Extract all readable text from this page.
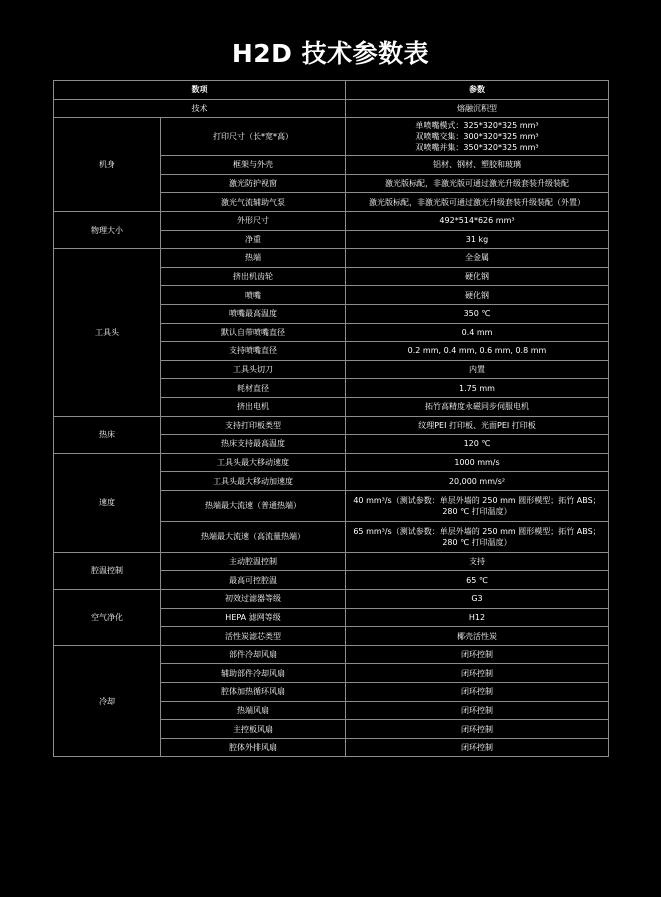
H2D 技术参数表
数项		参数
技术		熔融沉积型
机身	打印尺寸（长*宽*高）	单喷嘴模式：325*320*325 mm³
双喷嘴交集：300*320*325 mm³
双喷嘴并集：350*320*325 mm³

	框架与外壳	铝材、钢材、塑胶和玻璃
	激光防护视窗	激光版标配，非激光版可通过激光升级套装升级装配
	激光气流辅助气泵	激光版标配，非激光版可通过激光升级套装升级装配（外置）
物理大小	外形尺寸	492*514*626 mm³
	净重	31 kg
工具头	热端	全金属
	挤出机齿轮	硬化钢
	喷嘴	硬化钢
	喷嘴最高温度	350 ℃
	默认自带喷嘴直径	0.4 mm
	支持喷嘴直径	0.2 mm, 0.4 mm, 0.6 mm, 0.8 mm
	工具头切刀	内置
	耗材直径	1.75 mm
	挤出电机	拓竹高精度永磁同步伺服电机
热床	支持打印板类型	纹理PEI 打印板、光面PEI 打印板
	热床支持最高温度	120 ℃
速度	工具头最大移动速度	1000 mm/s
	工具头最大移动加速度	20,000 mm/s²
	热端最大流速（普通热端）	40 mm³/s（测试参数：单层外墙的 250 mm 圆形模型；拓竹 ABS；
280 ℃ 打印温度）

	热端最大流速（高流量热端）	65 mm³/s（测试参数：单层外墙的 250 mm 圆形模型；拓竹 ABS；
280 ℃ 打印温度）

腔温控制	主动腔温控制	支持
	最高可控腔温	65 ℃
空气净化	初效过滤器等级	G3
	HEPA 滤网等级	H12
	活性炭滤芯类型	椰壳活性炭
冷却	部件冷却风扇	闭环控制
	辅助部件冷却风扇	闭环控制
	腔体加热循环风扇	闭环控制
	热端风扇	闭环控制
	主控板风扇	闭环控制
	腔体外排风扇	闭环控制
